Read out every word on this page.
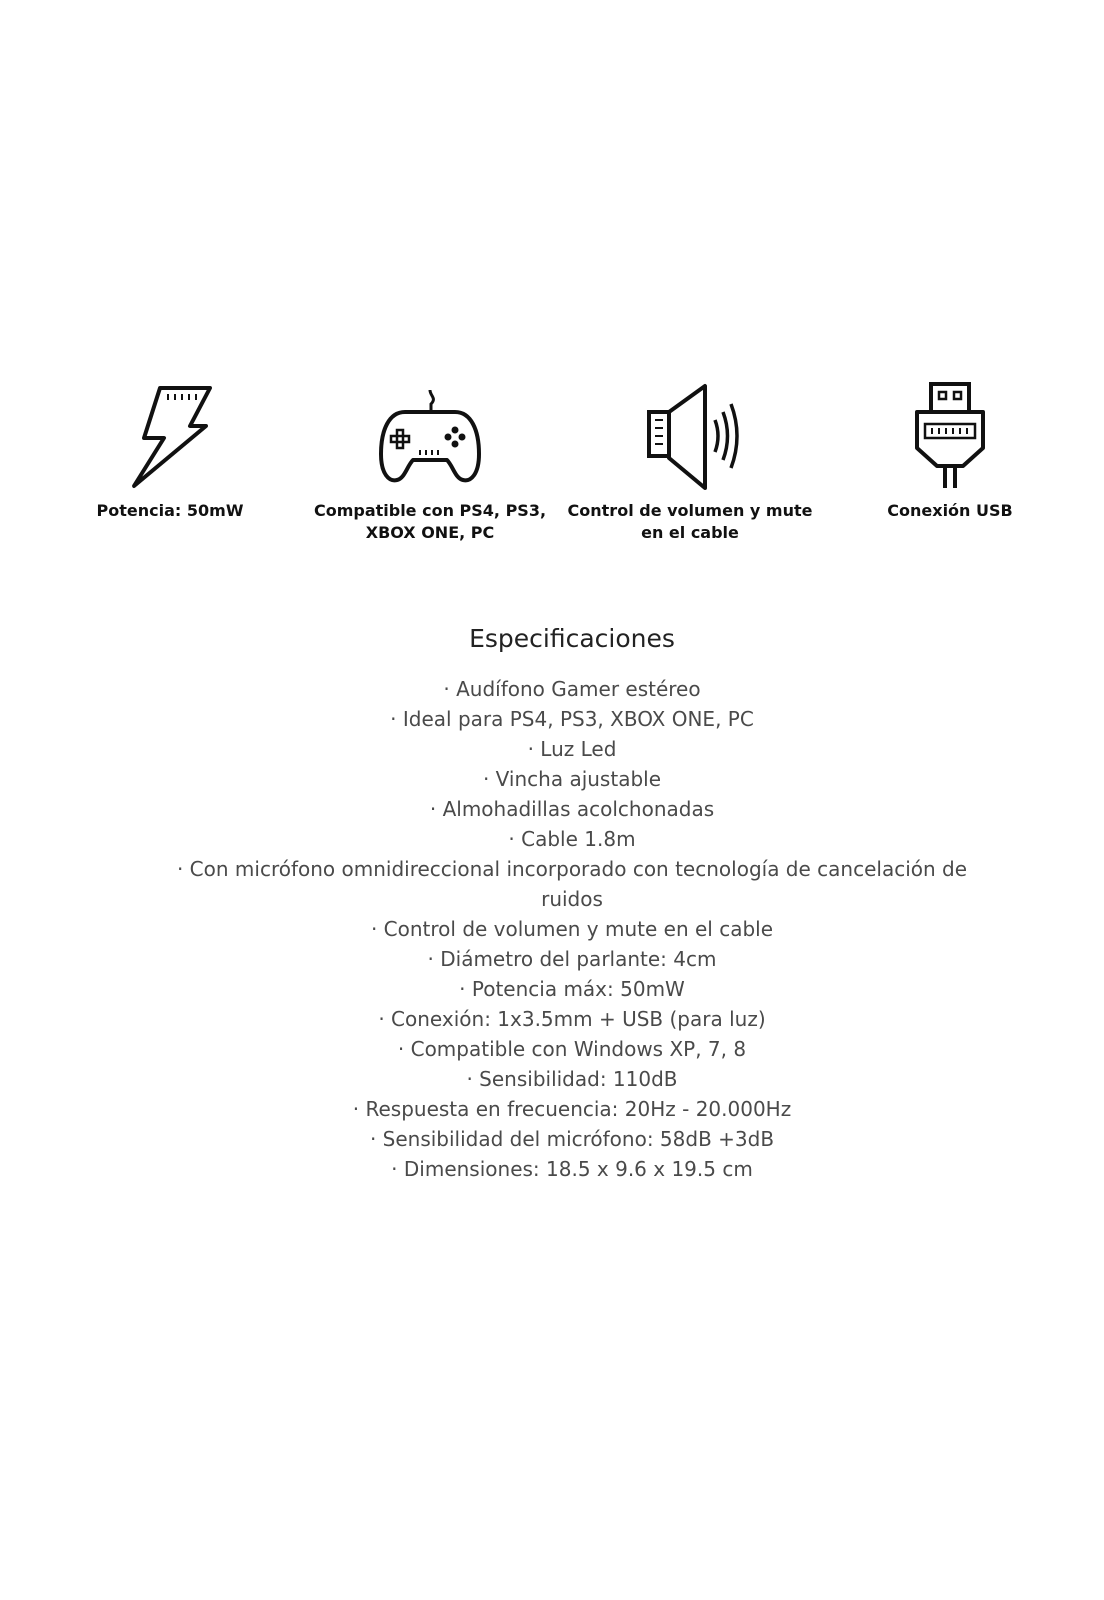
Potencia: 50mW	Compatible con PS4, PS3, XBOX ONE, PC
Control de volumen y mute en el cable
Conexión USB
Especificaciones
· Audífono Gamer estéreo
· Ideal para PS4, PS3, XBOX ONE, PC
· Luz Led
· Vincha ajustable
· Almohadillas acolchonadas
· Cable 1.8m
· Con micrófono omnidireccional incorporado con tecnología de cancelación de ruidos
· Control de volumen y mute en el cable
· Diámetro del parlante: 4cm
· Potencia máx: 50mW
· Conexión: 1x3.5mm + USB (para luz)
· Compatible con Windows XP, 7, 8
· Sensibilidad: 110dB
· Respuesta en frecuencia: 20Hz - 20.000Hz
· Sensibilidad del micrófono: 58dB +3dB
· Dimensiones: 18.5 x 9.6 x 19.5 cm
